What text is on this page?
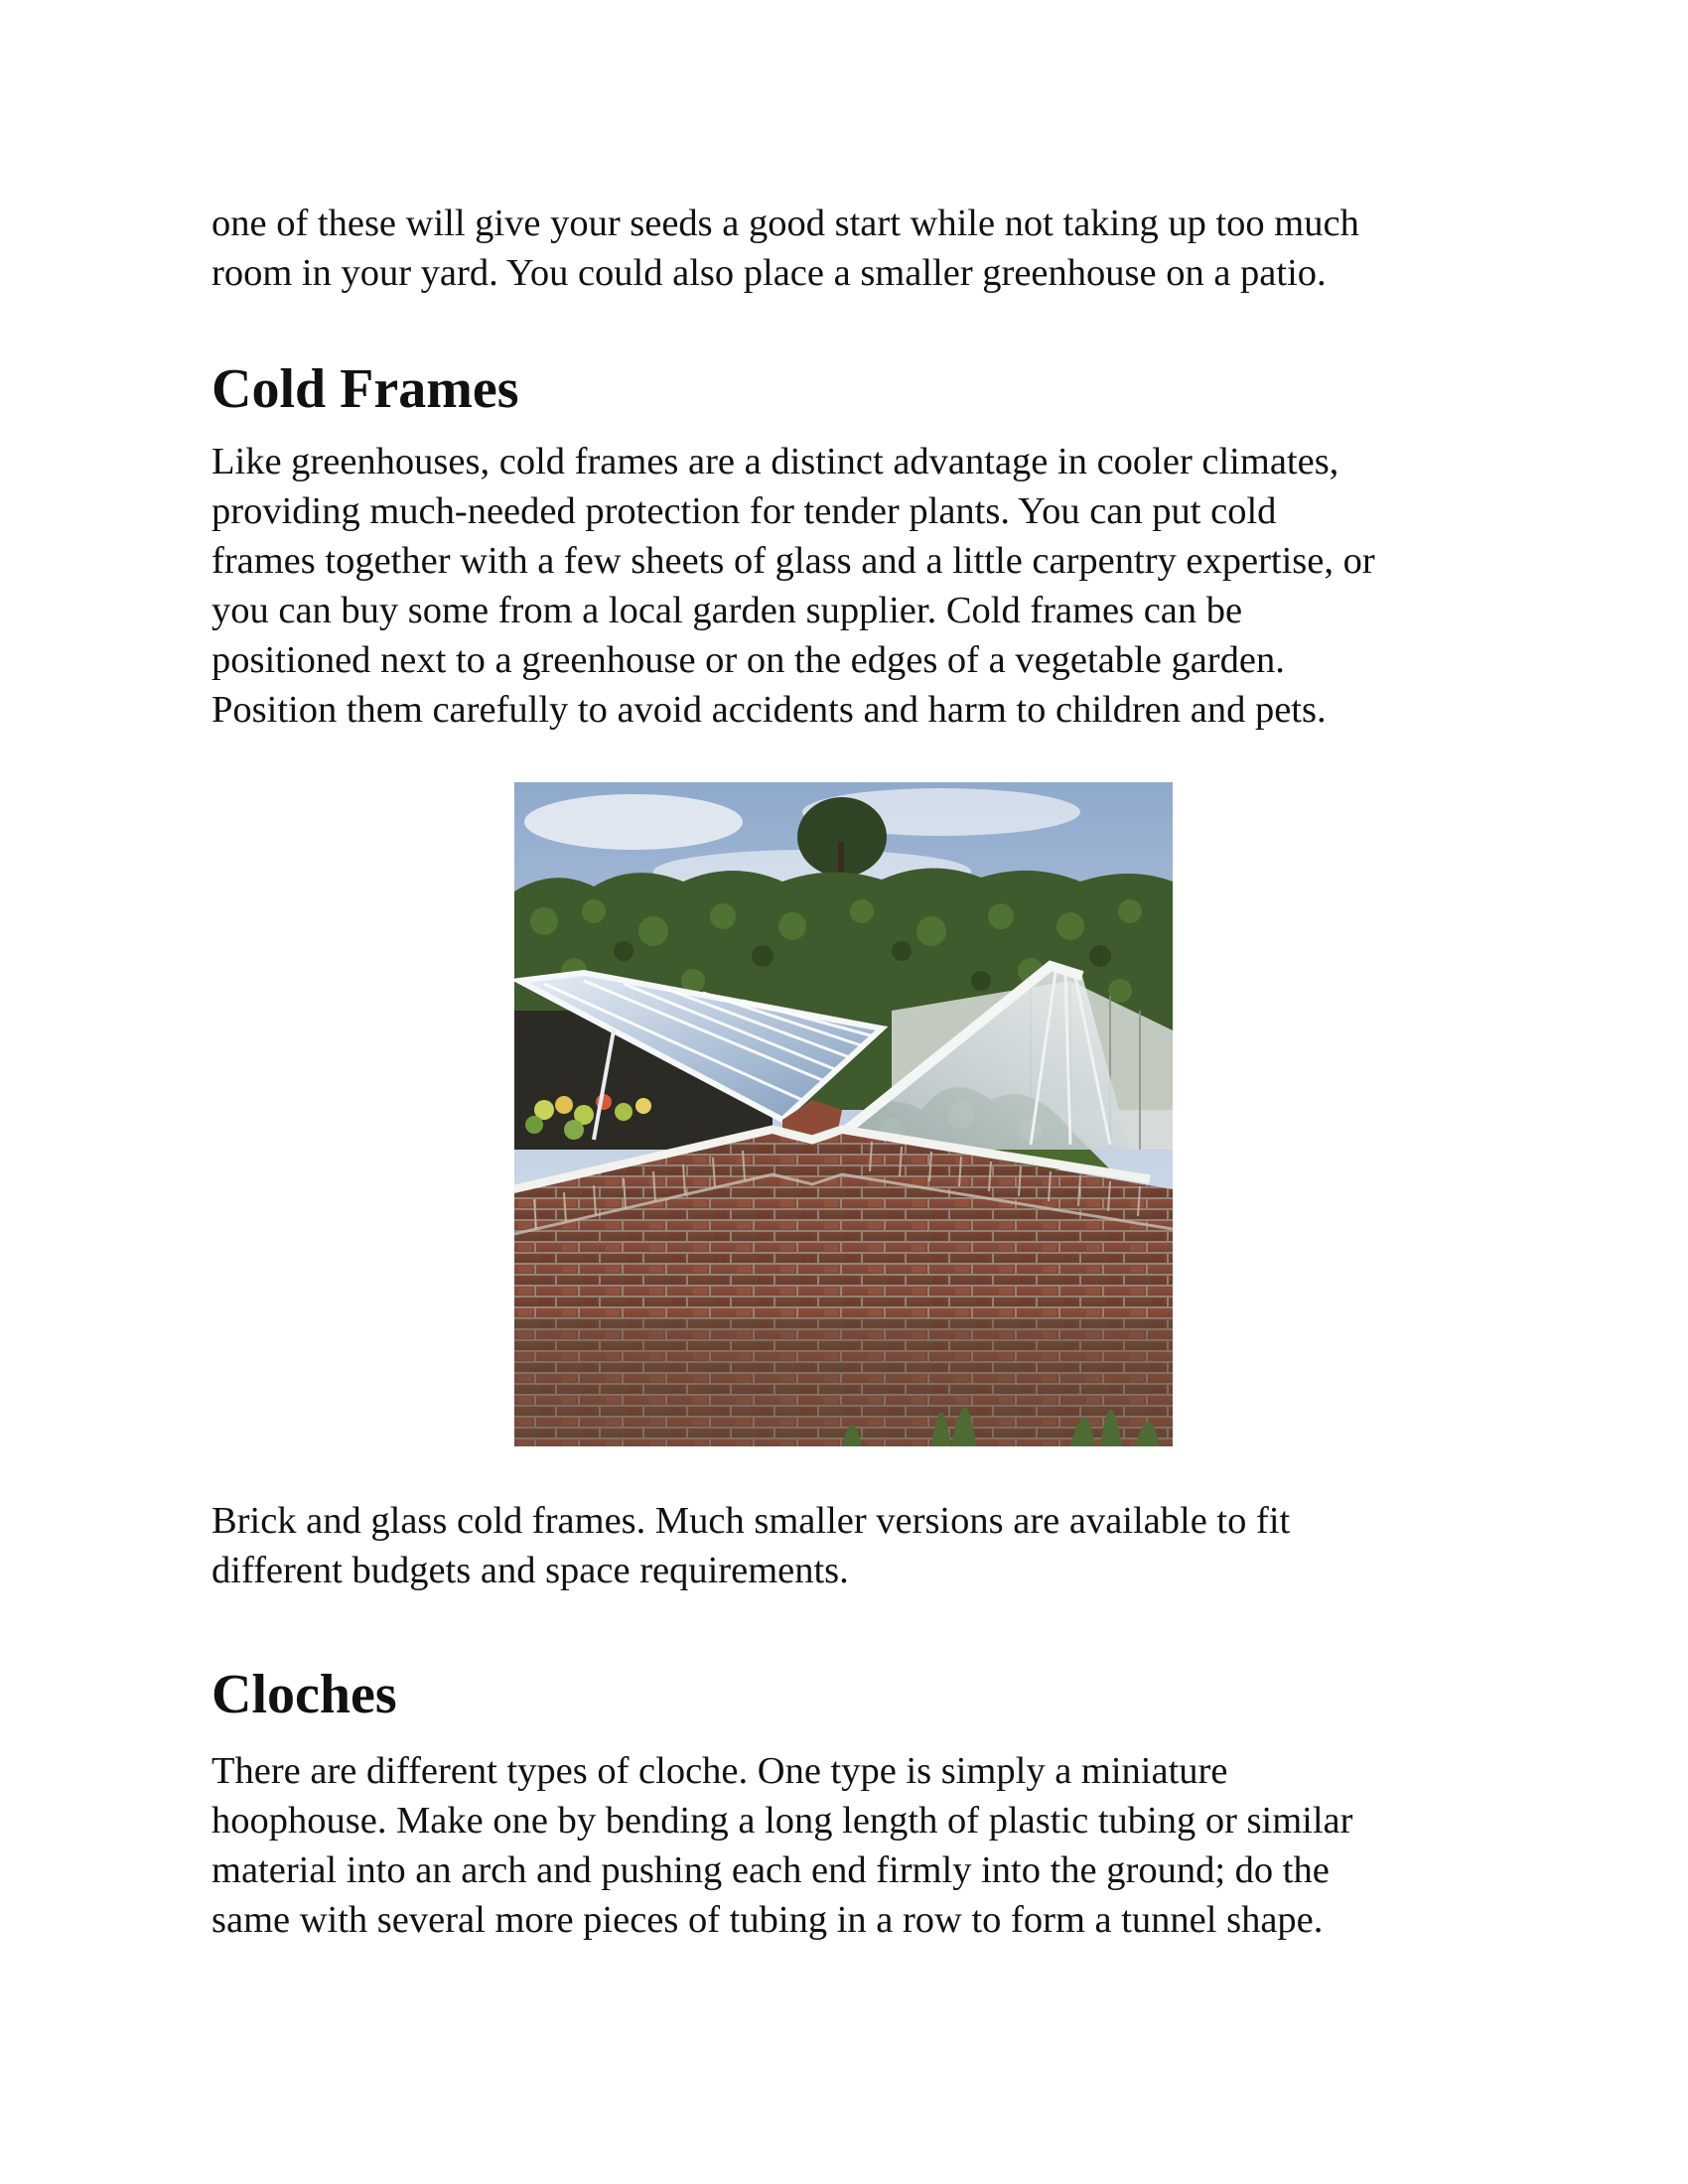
one of these will give your seeds a good start while not taking up too much
room in your yard. You could also place a smaller greenhouse on a patio.

Cold Frames

Like greenhouses, cold frames are a distinct advantage in cooler climates,
providing much-needed protection for tender plants. You can put cold
frames together with a few sheets of glass and a little carpentry expertise, or
you can buy some from a local garden supplier. Cold frames can be
positioned next to a greenhouse or on the edges of a vegetable garden.
Position them carefully to avoid accidents and harm to children and pets.

Brick and glass cold frames. Much smaller versions are available to fit
different budgets and space requirements.

Cloches

There are different types of cloche. One type is simply a miniature
hoophouse. Make one by bending a long length of plastic tubing or similar
material into an arch and pushing each end firmly into the ground; do the
same with several more pieces of tubing in a row to form a tunnel shape.
